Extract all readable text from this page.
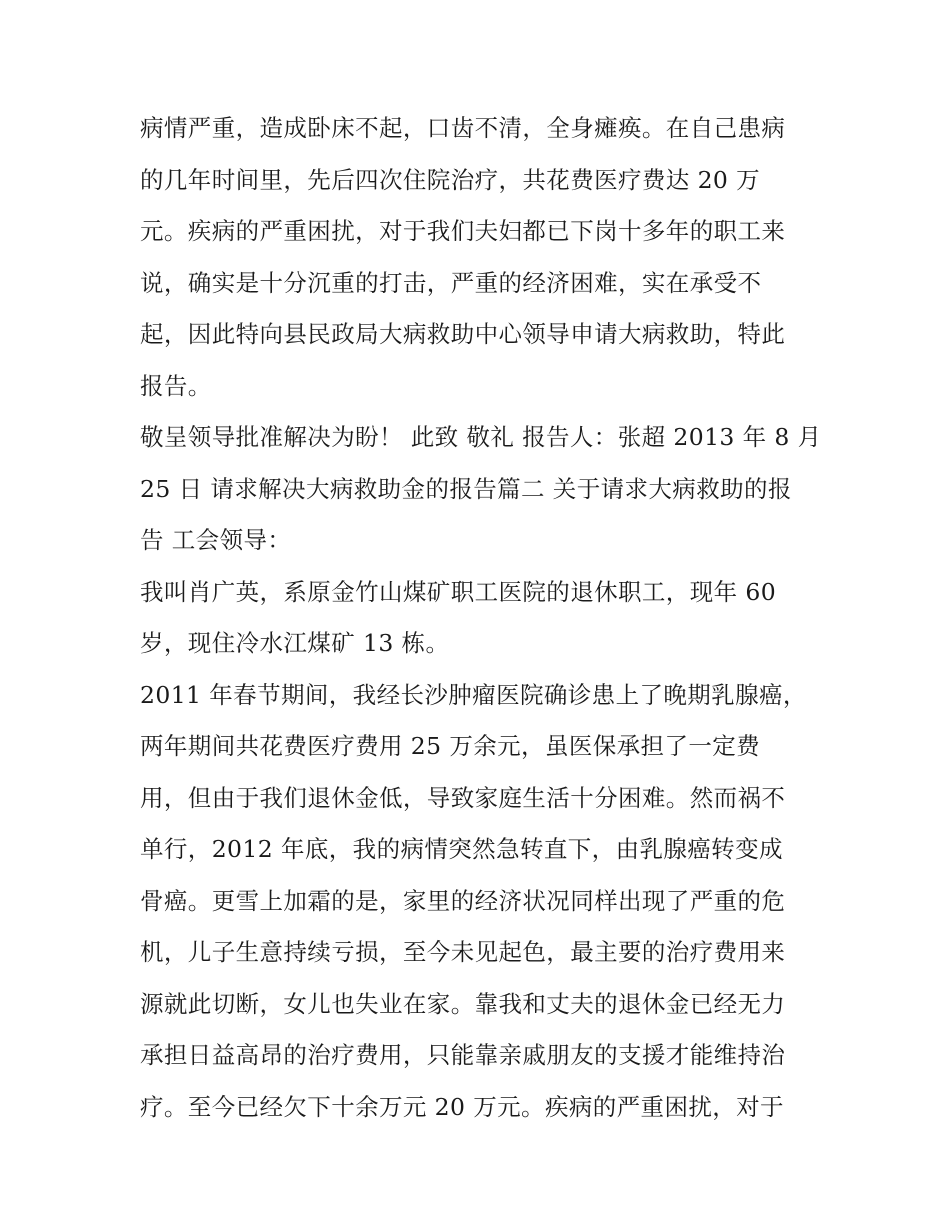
病情严重，造成卧床不起，口齿不清，全身瘫痪。在自己患病
的几年时间里，先后四次住院治疗，共花费医疗费达 20 万
元。疾病的严重困扰，对于我们夫妇都已下岗十多年的职工来
说，确实是十分沉重的打击，严重的经济困难，实在承受不
起，因此特向县民政局大病救助中心领导申请大病救助，特此
报告。
敬呈领导批准解决为盼！ 此致 敬礼 报告人：张超 2013 年 8 月
25 日 请求解决大病救助金的报告篇二 关于请求大病救助的报
告 工会领导：
我叫肖广英，系原金竹山煤矿职工医院的退休职工，现年 60
岁，现住冷水江煤矿 13 栋。
2011 年春节期间，我经长沙肿瘤医院确诊患上了晚期乳腺癌，
两年期间共花费医疗费用 25 万余元，虽医保承担了一定费
用，但由于我们退休金低，导致家庭生活十分困难。然而祸不
单行，2012 年底，我的病情突然急转直下，由乳腺癌转变成
骨癌。更雪上加霜的是，家里的经济状况同样出现了严重的危
机，儿子生意持续亏损，至今未见起色，最主要的治疗费用来
源就此切断，女儿也失业在家。靠我和丈夫的退休金已经无力
承担日益高昂的治疗费用，只能靠亲戚朋友的支援才能维持治
疗。至今已经欠下十余万元 20 万元。疾病的严重困扰，对于
